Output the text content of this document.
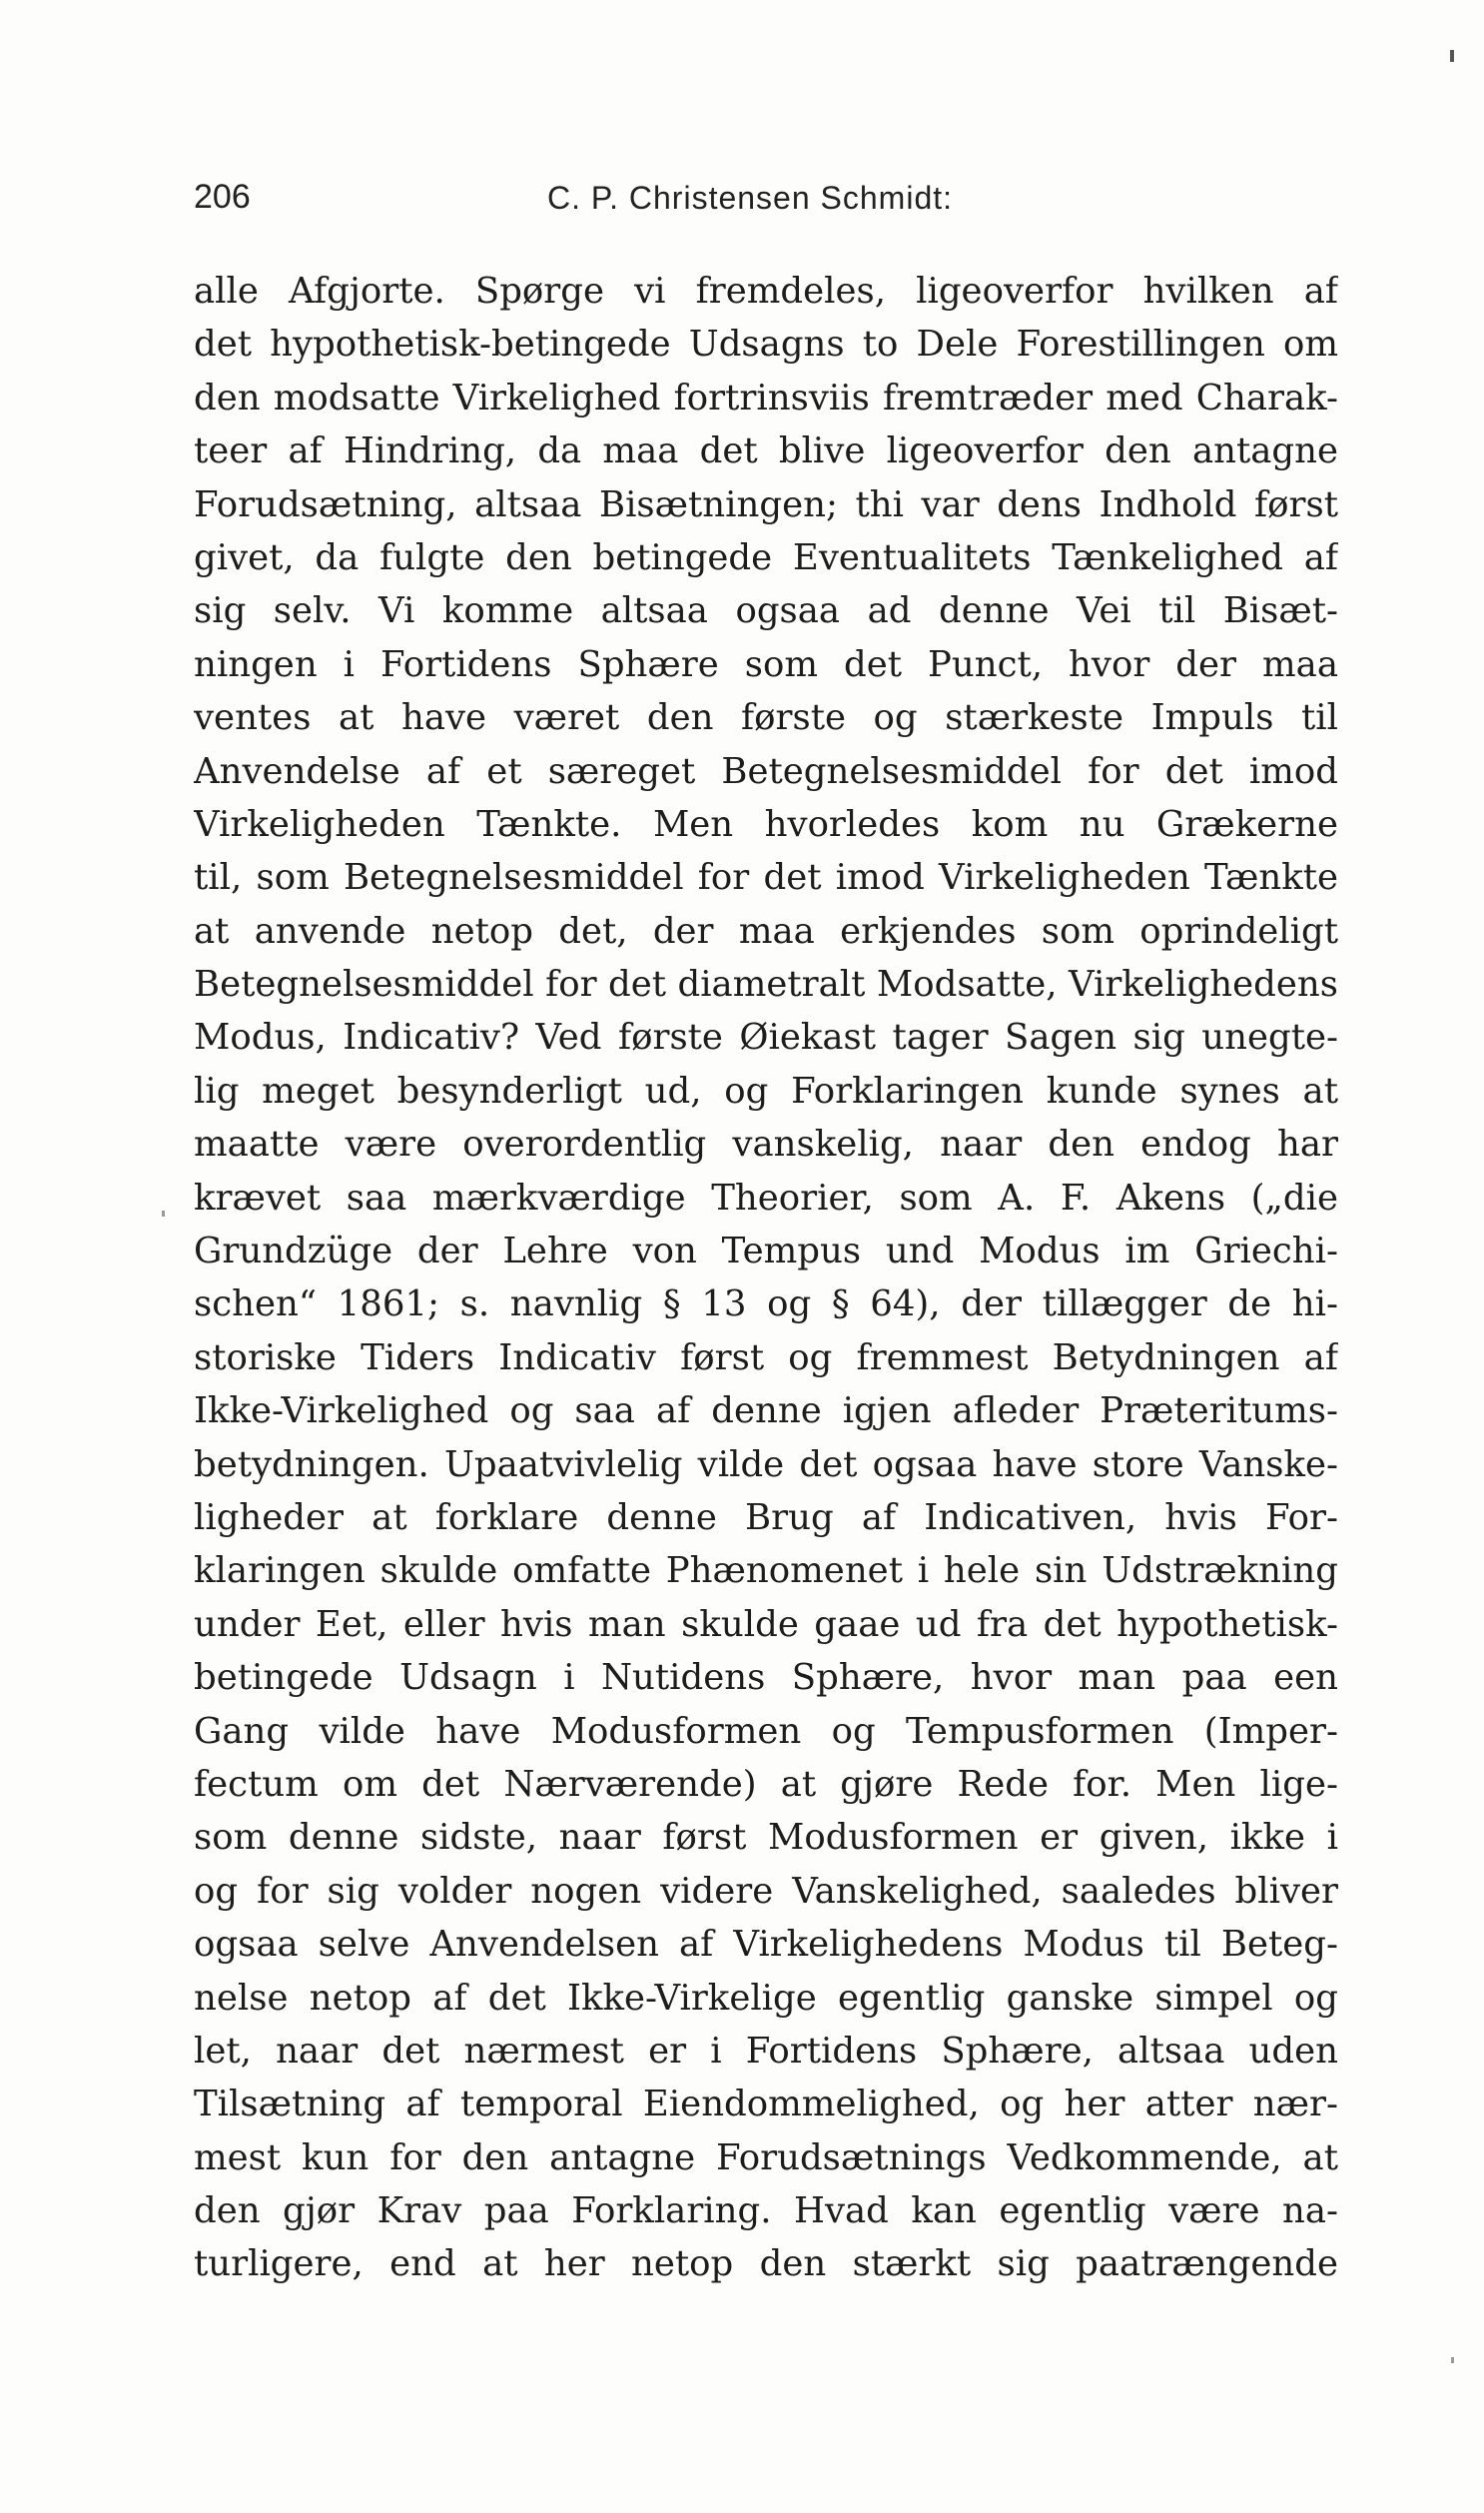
206	C. P. Christensen Schmidt:
alle Afgjorte. Spørge vi fremdeles, ligeoverfor hvilken af
det hypothetisk-betingede Udsagns to Dele Forestillingen om
den modsatte Virkelighed fortrinsviis fremtræder med Charak-
teer af Hindring, da maa det blive ligeoverfor den antagne
Forudsætning, altsaa Bisætningen; thi var dens Indhold først
givet, da fulgte den betingede Eventualitets Tænkelighed af
sig selv. Vi komme altsaa ogsaa ad denne Vei til Bisæt-
ningen i Fortidens Sphære som det Punct, hvor der maa
ventes at have været den første og stærkeste Impuls til
Anvendelse af et særeget Betegnelsesmiddel for det imod
Virkeligheden Tænkte. Men hvorledes kom nu Grækerne
til, som Betegnelsesmiddel for det imod Virkeligheden Tænkte
at anvende netop det, der maa erkjendes som oprindeligt
Betegnelsesmiddel for det diametralt Modsatte, Virkelighedens
Modus, Indicativ? Ved første Øiekast tager Sagen sig unegte-
lig meget besynderligt ud, og Forklaringen kunde synes at
maatte være overordentlig vanskelig, naar den endog har
krævet saa mærkværdige Theorier, som A. F. Akens („die
Grundzüge der Lehre von Tempus und Modus im Griechi-
schen“ 1861; s. navnlig § 13 og § 64), der tillægger de hi-
storiske Tiders Indicativ først og fremmest Betydningen af
Ikke-Virkelighed og saa af denne igjen afleder Præteritums-
betydningen. Upaatvivlelig vilde det ogsaa have store Vanske-
ligheder at forklare denne Brug af Indicativen, hvis For-
klaringen skulde omfatte Phænomenet i hele sin Udstrækning
under Eet, eller hvis man skulde gaae ud fra det hypothetisk-
betingede Udsagn i Nutidens Sphære, hvor man paa een
Gang vilde have Modusformen og Tempusformen (Imper-
fectum om det Nærværende) at gjøre Rede for. Men lige-
som denne sidste, naar først Modusformen er given, ikke i
og for sig volder nogen videre Vanskelighed, saaledes bliver
ogsaa selve Anvendelsen af Virkelighedens Modus til Beteg-
nelse netop af det Ikke-Virkelige egentlig ganske simpel og
let, naar det nærmest er i Fortidens Sphære, altsaa uden
Tilsætning af temporal Eiendommelighed, og her atter nær-
mest kun for den antagne Forudsætnings Vedkommende, at
den gjør Krav paa Forklaring. Hvad kan egentlig være na-
turligere, end at her netop den stærkt sig paatrængende
